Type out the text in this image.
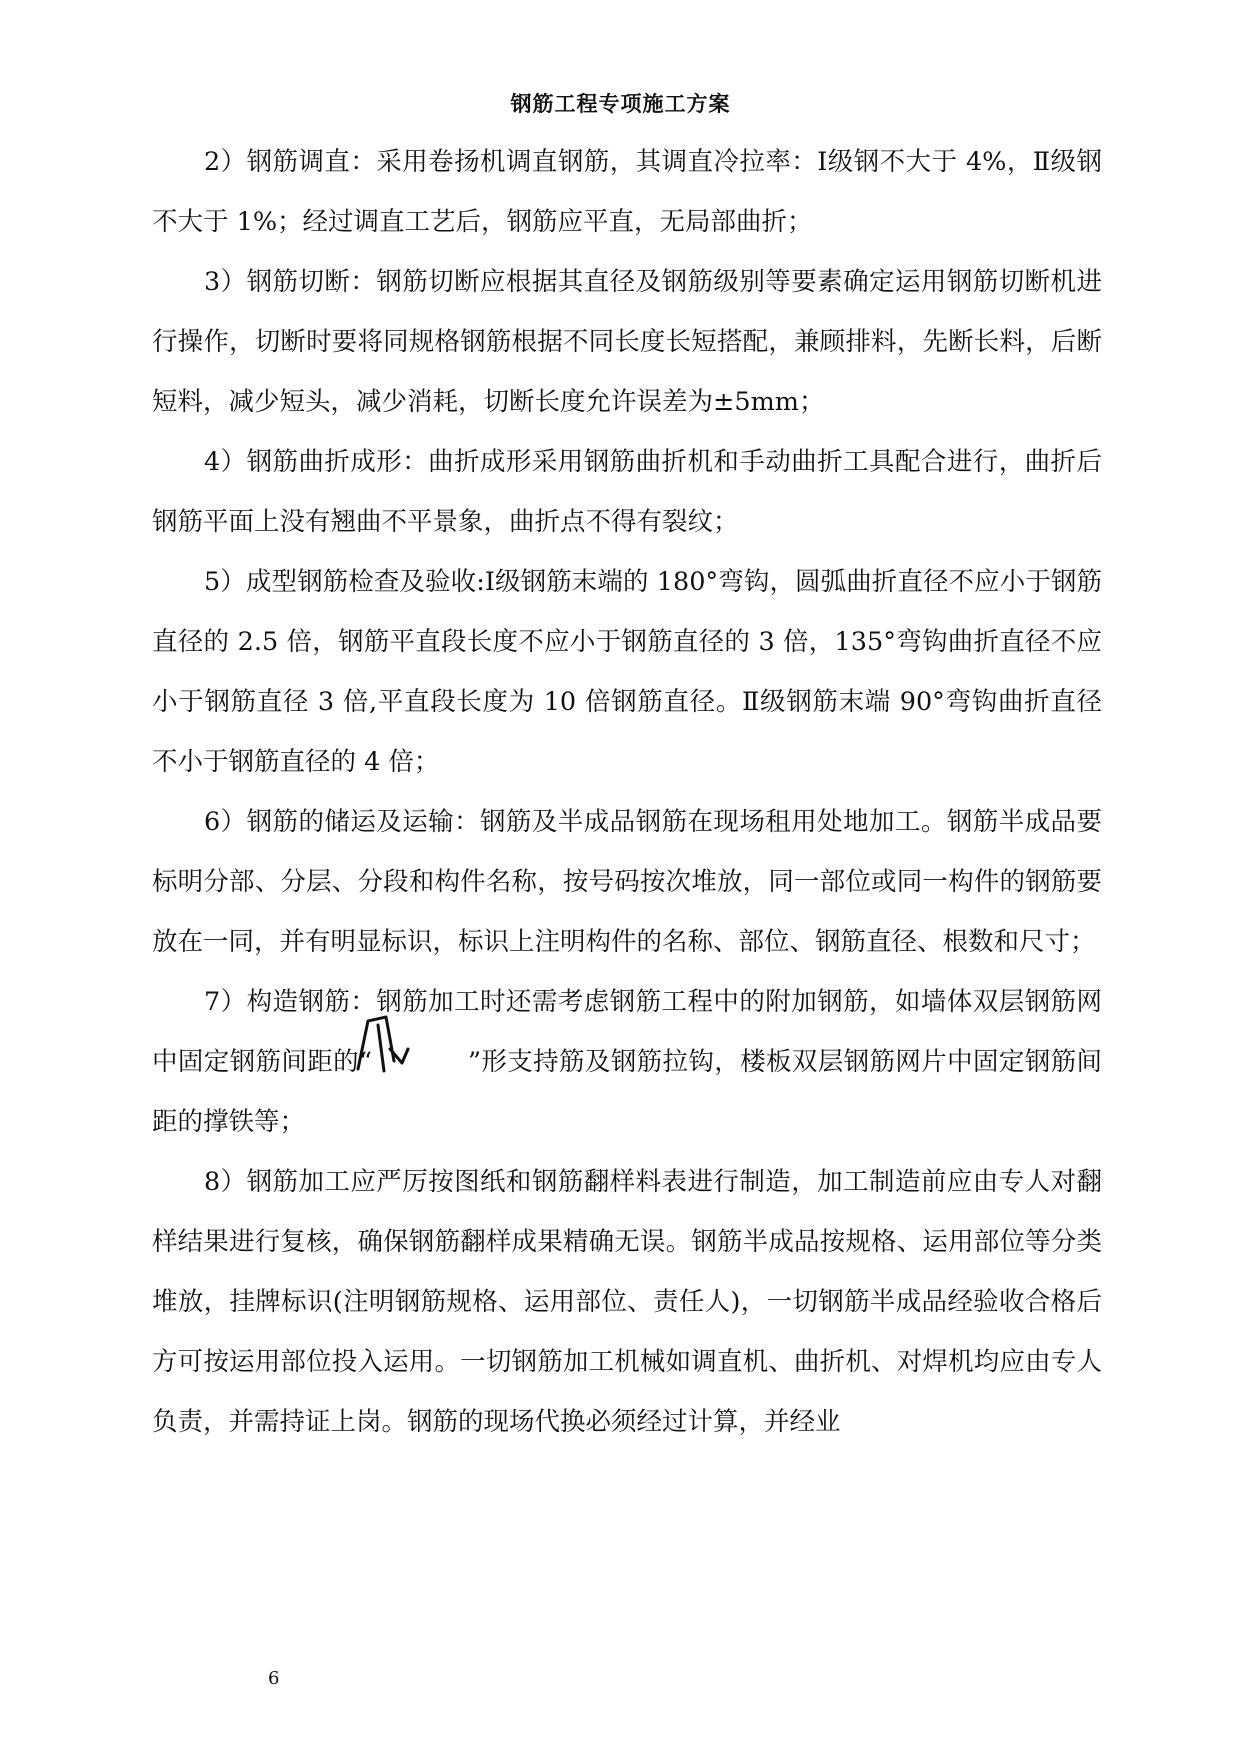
钢筋工程专项施工方案

2）钢筋调直：采用卷扬机调直钢筋，其调直冷拉率：Ⅰ级钢不大于 4%，Ⅱ级钢不大于 1%；经过调直工艺后，钢筋应平直，无局部曲折；

3）钢筋切断：钢筋切断应根据其直径及钢筋级别等要素确定运用钢筋切断机进行操作，切断时要将同规格钢筋根据不同长度长短搭配，兼顾排料，先断长料，后断短料，减少短头，减少消耗，切断长度允许误差为±5mm；

4）钢筋曲折成形：曲折成形采用钢筋曲折机和手动曲折工具配合进行，曲折后钢筋平面上没有翘曲不平景象，曲折点不得有裂纹；

5）成型钢筋检查及验收:Ⅰ级钢筋末端的 180°弯钩，圆弧曲折直径不应小于钢筋直径的 2.5 倍，钢筋平直段长度不应小于钢筋直径的 3 倍，135°弯钩曲折直径不应小于钢筋直径 3 倍,平直段长度为 10 倍钢筋直径。Ⅱ级钢筋末端 90°弯钩曲折直径不小于钢筋直径的 4 倍；

6）钢筋的储运及运输：钢筋及半成品钢筋在现场租用处地加工。钢筋半成品要标明分部、分层、分段和构件名称，按号码按次堆放，同一部位或同一构件的钢筋要放在一同，并有明显标识，标识上注明构件的名称、部位、钢筋直径、根数和尺寸；

7）构造钢筋：钢筋加工时还需考虑钢筋工程中的附加钢筋，如墙体双层钢筋网中固定钢筋间距的“	”形支持筋及钢筋拉钩，楼板双层钢筋网片中固定钢筋间距的撑铁等；

8）钢筋加工应严厉按图纸和钢筋翻样料表进行制造，加工制造前应由专人对翻样结果进行复核，确保钢筋翻样成果精确无误。钢筋半成品按规格、运用部位等分类堆放，挂牌标识(注明钢筋规格、运用部位、责任人)，一切钢筋半成品经验收合格后方可按运用部位投入运用。一切钢筋加工机械如调直机、曲折机、对焊机均应由专人负责，并需持证上岗。钢筋的现场代换必须经过计算，并经业

6
